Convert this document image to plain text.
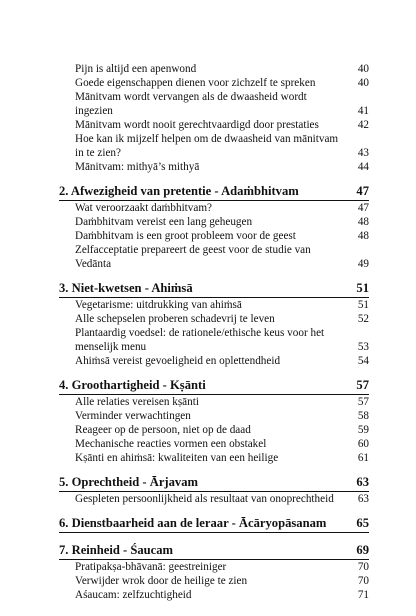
Pijn is altijd een apenwond	40
Goede eigenschappen dienen voor zichzelf te spreken	40
Mānitvam wordt vervangen als de dwaasheid wordt ingezien	41
Mānitvam wordt nooit gerechtvaardigd door prestaties	42
Hoe kan ik mijzelf helpen om de dwaasheid van mānitvam in te zien?	43
Mānitvam: mithyā’s mithyā	44
2. Afwezigheid van pretentie - Adaṁbhitvam	47
Wat veroorzaakt daṁbhitvam?	47
Daṁbhitvam vereist een lang geheugen	48
Daṁbhitvam is een groot probleem voor de geest	48
Zelfacceptatie prepareert de geest voor de studie van Vedānta	49
3. Niet-kwetsen - Ahiṁsā	51
Vegetarisme: uitdrukking van ahiṁsā	51
Alle schepselen proberen schadevrij te leven	52
Plantaardig voedsel: de rationele/ethische keus voor het menselijk menu	53
Ahiṁsā vereist gevoeligheid en oplettendheid	54
4. Groothartigheid - Kṣānti	57
Alle relaties vereisen kṣānti	57
Verminder verwachtingen	58
Reageer op de persoon, niet op de daad	59
Mechanische reacties vormen een obstakel	60
Kṣānti en ahiṁsā: kwaliteiten van een heilige	61
5. Oprechtheid - Ārjavam	63
Gespleten persoonlijkheid als resultaat van onoprechtheid	63
6. Dienstbaarheid aan de leraar - Ācāryopāsanam 65
7. Reinheid - Śaucam	69
Pratipakṣa-bhāvanā: geestreiniger	70
Verwijder wrok door de heilige te zien	70
Aśaucam: zelfzuchtigheid	71
